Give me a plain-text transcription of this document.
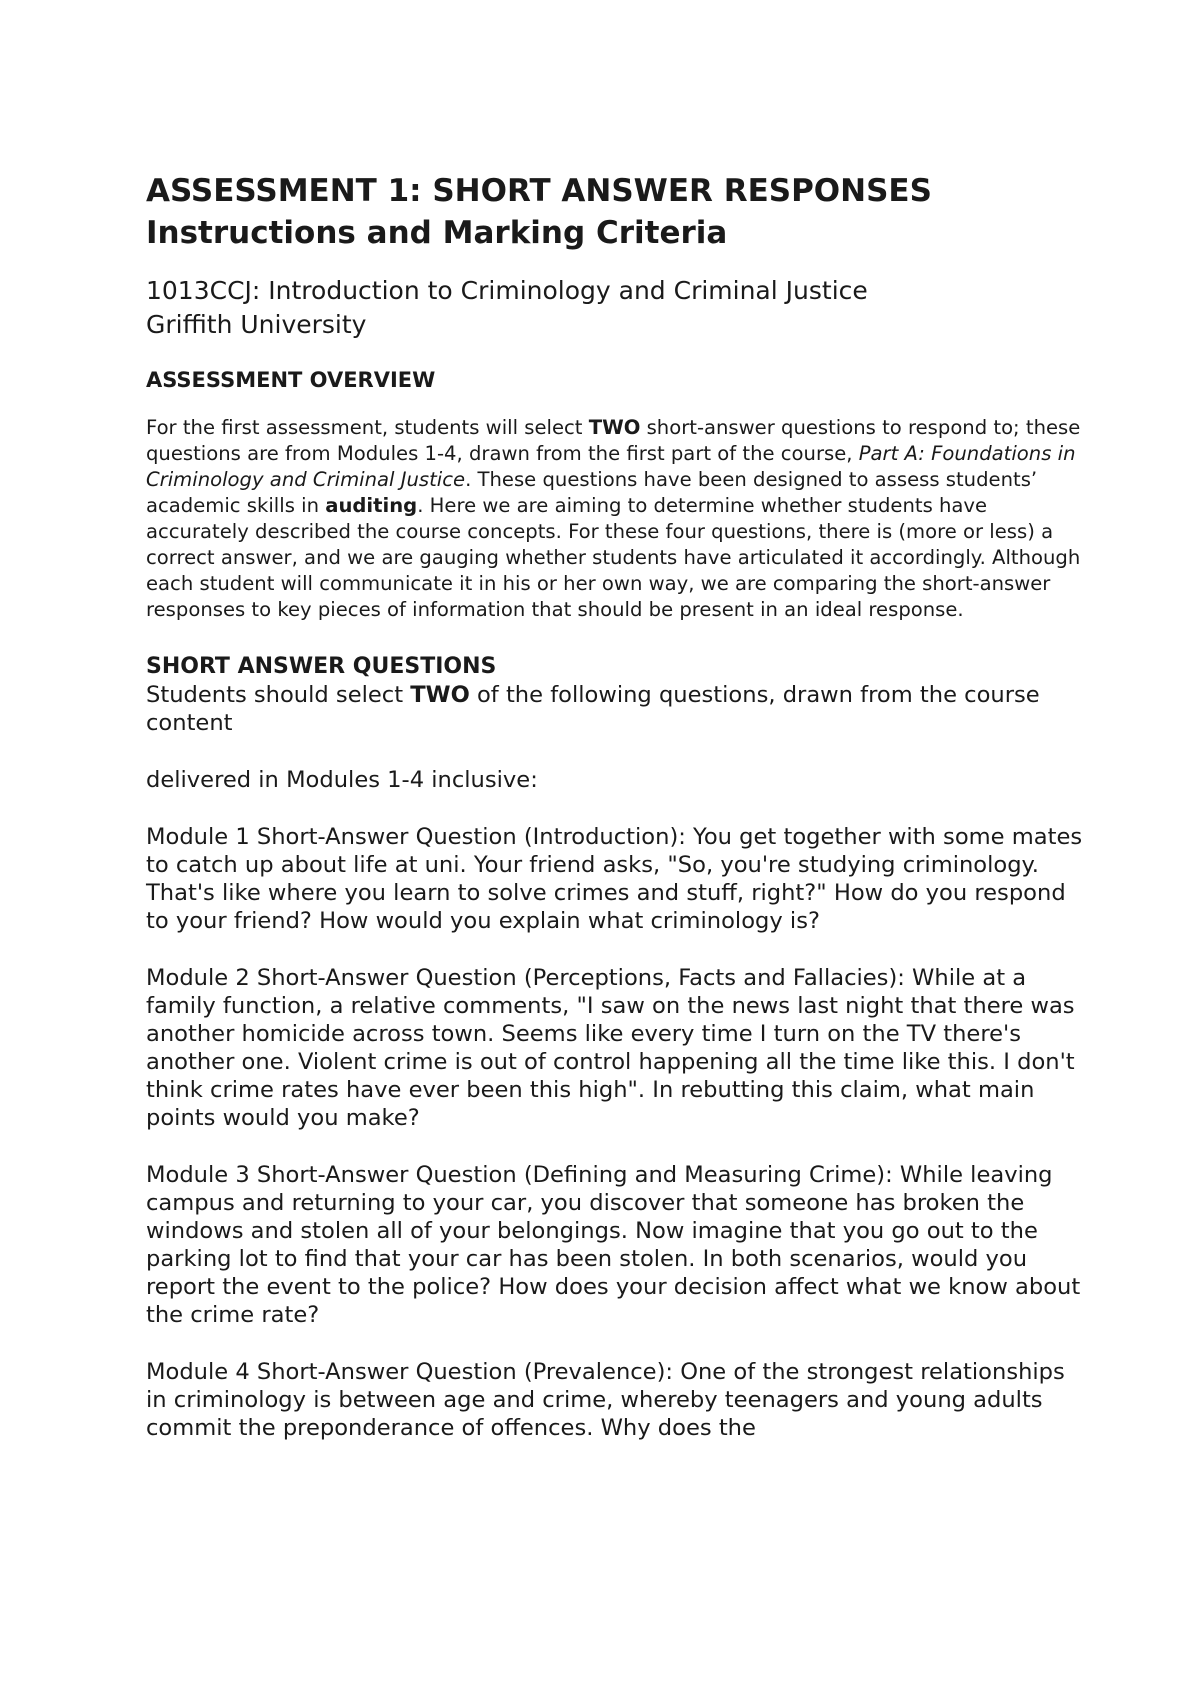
ASSESSMENT 1: SHORT ANSWER RESPONSES
Instructions and Marking Criteria
1013CCJ: Introduction to Criminology and Criminal Justice
Griffith University
ASSESSMENT OVERVIEW

For the first assessment, students will select TWO short-answer questions to respond to; these questions are from Modules 1-4, drawn from the first part of the course, Part A: Foundations in Criminology and Criminal Justice. These questions have been designed to assess students’ academic skills in auditing. Here we are aiming to determine whether students have accurately described the course concepts. For these four questions, there is (more or less) a correct answer, and we are gauging whether students have articulated it accordingly. Although each student will communicate it in his or her own way, we are comparing the short-answer responses to key pieces of information that should be present in an ideal response.

SHORT ANSWER QUESTIONS

Students should select TWO of the following questions, drawn from the course content

delivered in Modules 1-4 inclusive:

Module 1 Short-Answer Question (Introduction): You get together with some mates to catch up about life at uni. Your friend asks, "So, you're studying criminology. That's like where you learn to solve crimes and stuff, right?" How do you respond to your friend? How would you explain what criminology is?

Module 2 Short-Answer Question (Perceptions, Facts and Fallacies): While at a family function, a relative comments, "I saw on the news last night that there was another homicide across town. Seems like every time I turn on the TV there's another one. Violent crime is out of control happening all the time like this. I don't think crime rates have ever been this high". In rebutting this claim, what main points would you make?

Module 3 Short-Answer Question (Defining and Measuring Crime): While leaving campus and returning to your car, you discover that someone has broken the windows and stolen all of your belongings. Now imagine that you go out to the parking lot to find that your car has been stolen. In both scenarios, would you report the event to the police? How does your decision affect what we know about the crime rate?

Module 4 Short-Answer Question (Prevalence): One of the strongest relationships in criminology is between age and crime, whereby teenagers and young adults commit the preponderance of offences. Why does the
